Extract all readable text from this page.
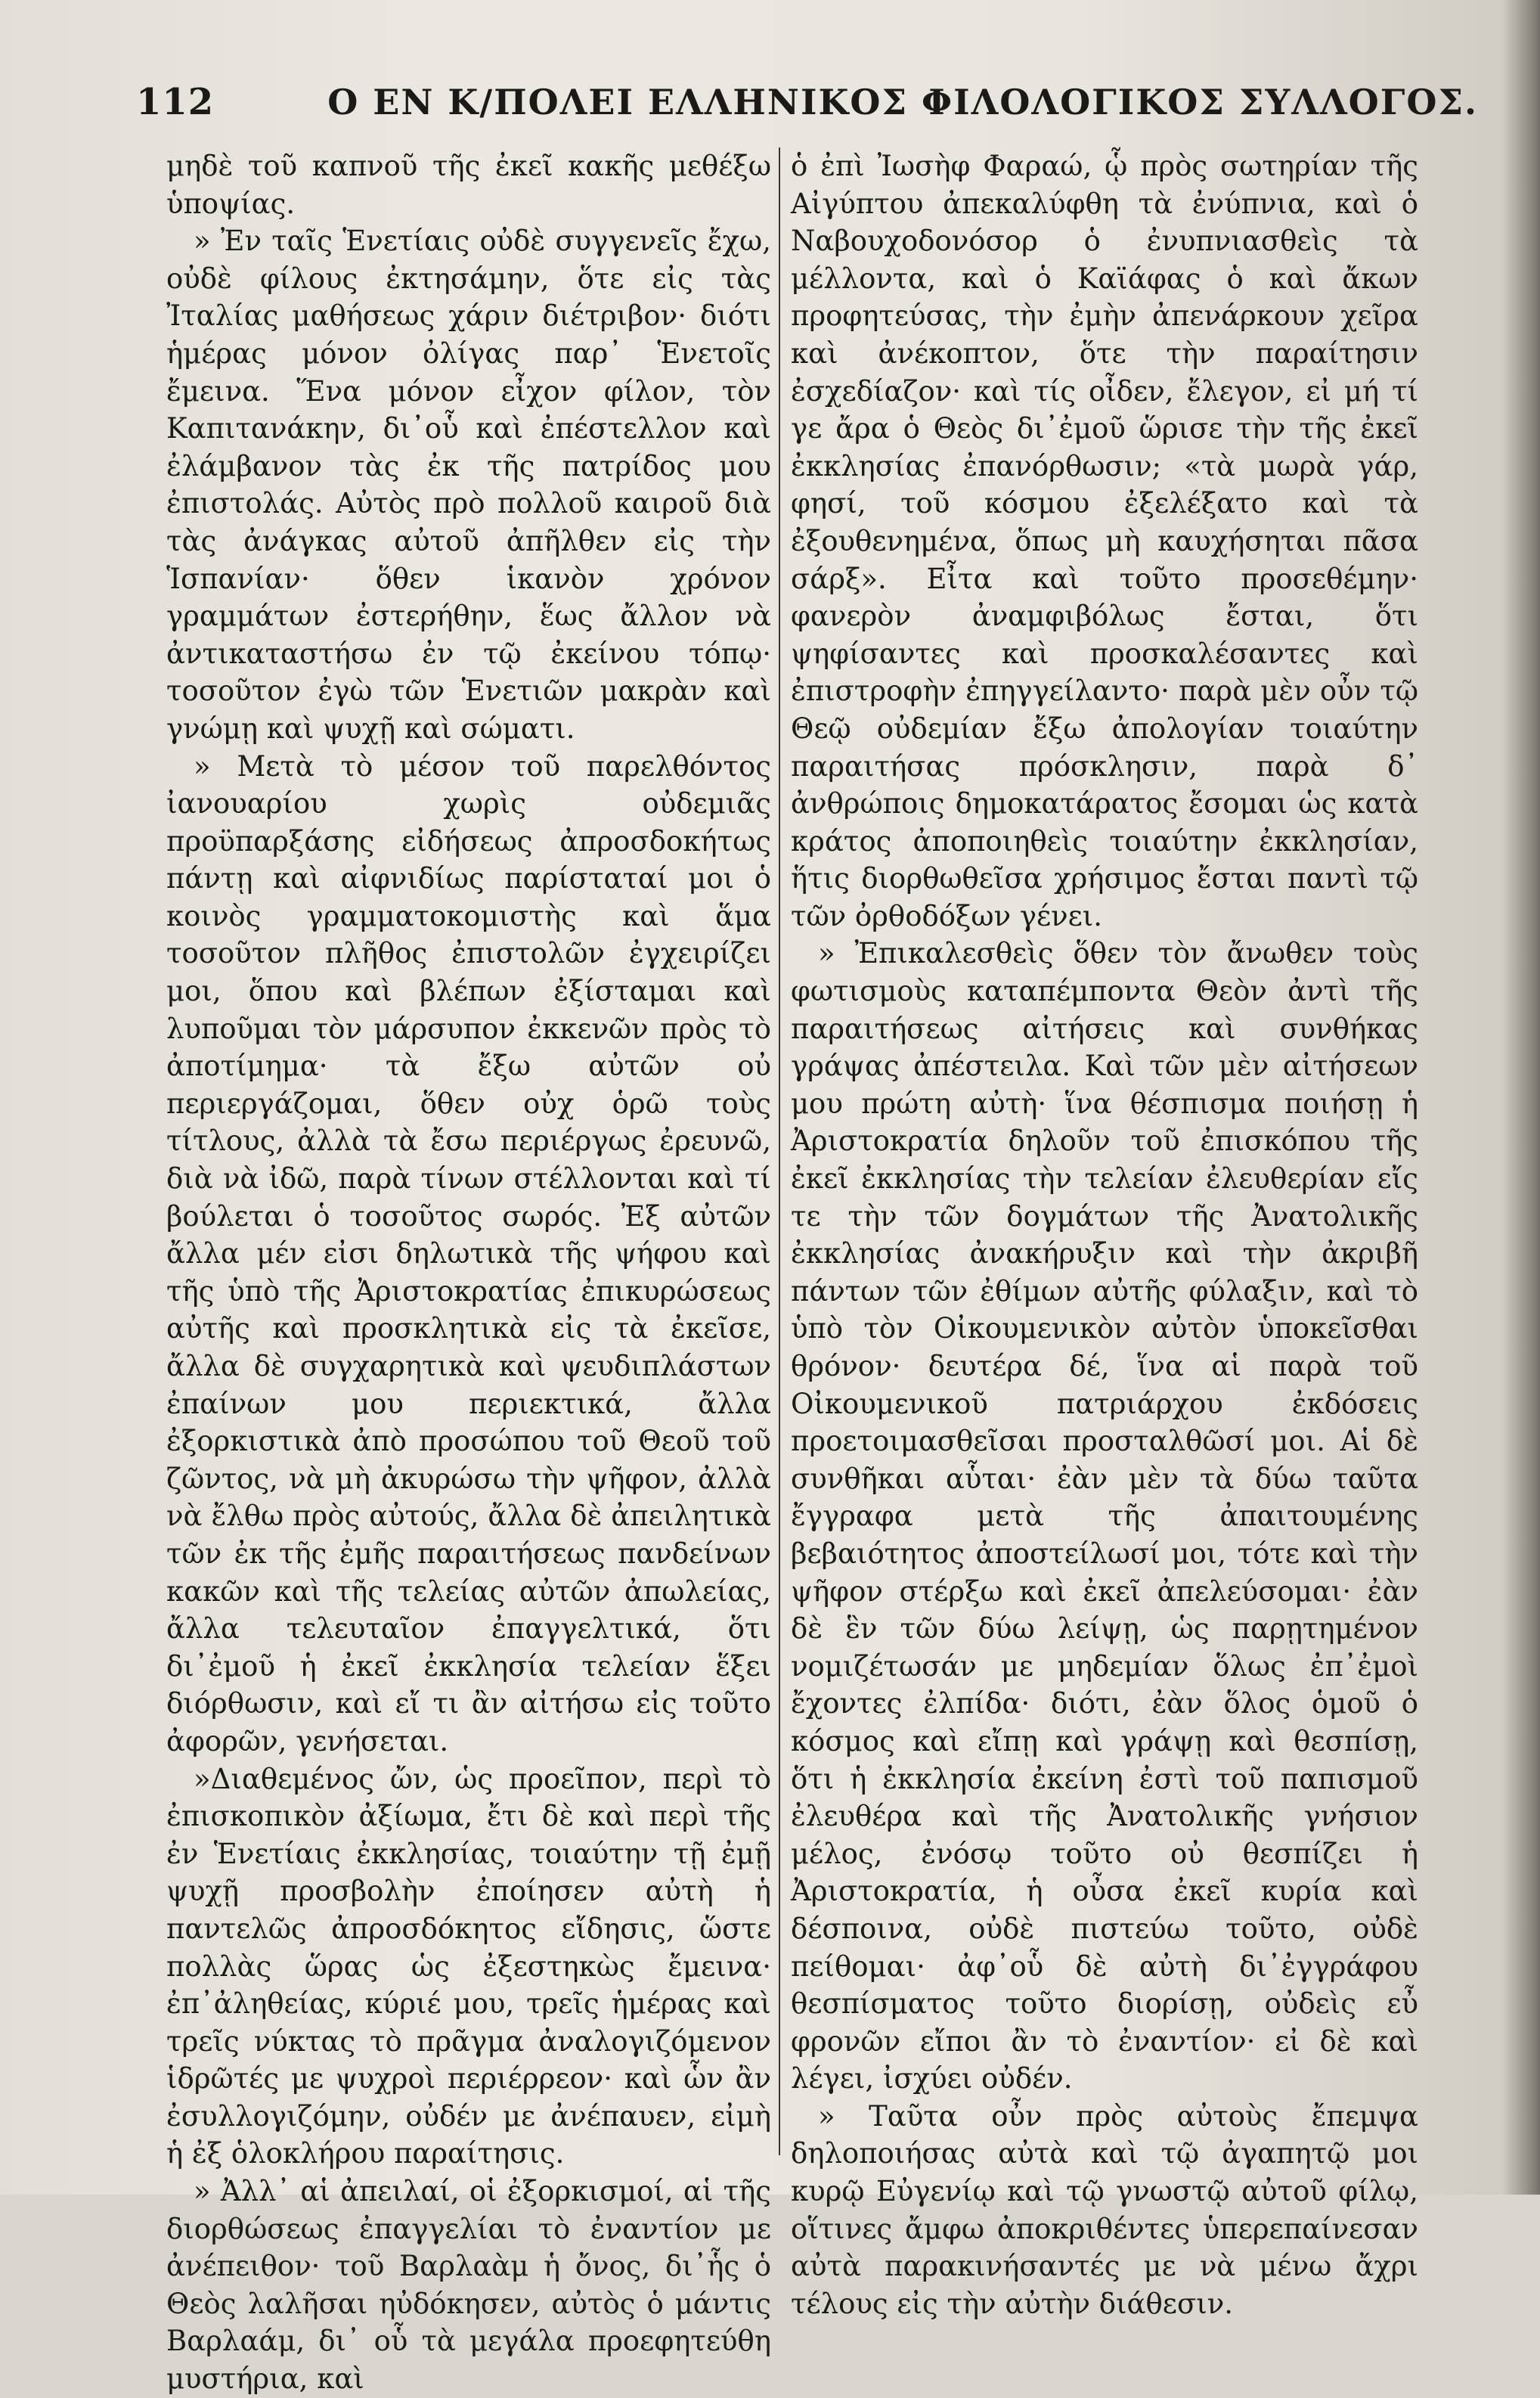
112	Ο ΕΝ Κ/ΠΟΛΕΙ ΕΛΛΗΝΙΚΟΣ ΦΙΛΟΛΟΓΙΚΟΣ ΣΥΛΛΟΓΟΣ.

μηδὲ τοῦ καπνοῦ τῆς ἐκεῖ κακῆς μεθέξω ὑποψίας.

» Ἐν ταῖς Ἑνετίαις οὐδὲ συγγενεῖς ἔχω, οὐδὲ φίλους ἐκτησάμην, ὅτε εἰς τὰς Ἰταλίας μαθήσεως χάριν διέτριβον· διότι ἡμέρας μόνον ὀλίγας παρ᾽ Ἑνετοῖς ἔμεινα. Ἕνα μόνον εἶχον φίλον, τὸν Καπιτανάκην, δι᾽οὗ καὶ ἐπέστελλον καὶ ἐλάμβανον τὰς ἐκ τῆς πατρίδος μου ἐπιστολάς. Αὐτὸς πρὸ πολλοῦ καιροῦ διὰ τὰς ἀνάγκας αὐτοῦ ἀπῆλθεν εἰς τὴν Ἱσπανίαν· ὅθεν ἱκανὸν χρόνον γραμμάτων ἐστερήθην, ἕως ἄλλον νὰ ἀντικαταστήσω ἐν τῷ ἐκείνου τόπῳ· τοσοῦτον ἐγὼ τῶν Ἑνετιῶν μακρὰν καὶ γνώμῃ καὶ ψυχῇ καὶ σώματι.

» Μετὰ τὸ μέσον τοῦ παρελθόντος ἰανουαρίου χωρὶς οὐδεμιᾶς προϋπαρξάσης εἰδήσεως ἀπροσδοκήτως πάντῃ καὶ αἰφνιδίως παρίσταταί μοι ὁ κοινὸς γραμματοκομιστὴς καὶ ἅμα τοσοῦτον πλῆθος ἐπιστολῶν ἐγχειρίζει μοι, ὅπου καὶ βλέπων ἐξίσταμαι καὶ λυποῦμαι τὸν μάρσυπον ἐκκενῶν πρὸς τὸ ἀποτίμημα· τὰ ἔξω αὐτῶν οὐ περιεργάζομαι, ὅθεν οὐχ ὁρῶ τοὺς τίτλους, ἀλλὰ τὰ ἔσω περιέργως ἐρευνῶ, διὰ νὰ ἰδῶ, παρὰ τίνων στέλλονται καὶ τί βούλεται ὁ τοσοῦτος σωρός. Ἐξ αὐτῶν ἄλλα μέν εἰσι δηλωτικὰ τῆς ψήφου καὶ τῆς ὑπὸ τῆς Ἀριστοκρατίας ἐπικυρώσεως αὐτῆς καὶ προσκλητικὰ εἰς τὰ ἐκεῖσε, ἄλλα δὲ συγχαρητικὰ καὶ ψευδιπλάστων ἐπαίνων μου περιεκτικά, ἄλλα ἐξορκιστικὰ ἀπὸ προσώπου τοῦ Θεοῦ τοῦ ζῶντος, νὰ μὴ ἀκυρώσω τὴν ψῆφον, ἀλλὰ νὰ ἔλθω πρὸς αὐτούς, ἄλλα δὲ ἀπειλητικὰ τῶν ἐκ τῆς ἐμῆς παραιτήσεως πανδείνων κακῶν καὶ τῆς τελείας αὐτῶν ἀπωλείας, ἄλλα τελευταῖον ἐπαγγελτικά, ὅτι δι᾽ἐμοῦ ἡ ἐκεῖ ἐκκλησία τελείαν ἕξει διόρθωσιν, καὶ εἴ τι ἂν αἰτήσω εἰς τοῦτο ἀφορῶν, γενήσεται.

»Διαθεμένος ὤν, ὡς προεῖπον, περὶ τὸ ἐπισκοπικὸν ἀξίωμα, ἔτι δὲ καὶ περὶ τῆς ἐν Ἑνετίαις ἐκκλησίας, τοιαύτην τῇ ἐμῇ ψυχῇ προσβολὴν ἐποίησεν αὐτὴ ἡ παντελῶς ἀπροσδόκητος εἴδησις, ὥστε πολλὰς ὥρας ὡς ἐξεστηκὼς ἔμεινα· ἐπ᾽ἀληθείας, κύριέ μου, τρεῖς ἡμέρας καὶ τρεῖς νύκτας τὸ πρᾶγμα ἀναλογιζόμενον ἱδρῶτές με ψυχροὶ περιέρρεον· καὶ ὧν ἂν ἐσυλλογιζόμην, οὐδέν με ἀνέπαυεν, εἰμὴ ἡ ἐξ ὁλοκλήρου παραίτησις.

» Ἀλλ᾽ αἱ ἀπειλαί, οἱ ἐξορκισμοί, αἱ τῆς διορθώσεως ἐπαγγελίαι τὸ ἐναντίον με ἀνέπειθον· τοῦ Βαρλαὰμ ἡ ὄνος, δι᾽ἧς ὁ Θεὸς λαλῆσαι ηὐδόκησεν, αὐτὸς ὁ μάντις Βαρλαάμ, δι᾽ οὗ τὰ μεγάλα προεφητεύθη μυστήρια, καὶ

ὁ ἐπὶ Ἰωσὴφ Φαραώ, ᾧ πρὸς σωτηρίαν τῆς Αἰγύπτου ἀπεκαλύφθη τὰ ἐνύπνια, καὶ ὁ Ναβουχοδονόσορ ὁ ἐνυπνιασθεὶς τὰ μέλλοντα, καὶ ὁ Καϊάφας ὁ καὶ ἄκων προφητεύσας, τὴν ἐμὴν ἀπενάρκουν χεῖρα καὶ ἀνέκοπτον, ὅτε τὴν παραίτησιν ἐσχεδίαζον· καὶ τίς οἶδεν, ἔλεγον, εἰ μή τί γε ἄρα ὁ Θεὸς δι᾽ἐμοῦ ὥρισε τὴν τῆς ἐκεῖ ἐκκλησίας ἐπανόρθωσιν; «τὰ μωρὰ γάρ, φησί, τοῦ κόσμου ἐξελέξατο καὶ τὰ ἐξουθενημένα, ὅπως μὴ καυχήσηται πᾶσα σάρξ». Εἶτα καὶ τοῦτο προσεθέμην· φανερὸν ἀναμφιβόλως ἔσται, ὅτι ψηφίσαντες καὶ προσκαλέσαντες καὶ ἐπιστροφὴν ἐπηγγείλαντο· παρὰ μὲν οὖν τῷ Θεῷ οὐδεμίαν ἔξω ἀπολογίαν τοιαύτην παραιτήσας πρόσκλησιν, παρὰ δ᾽ ἀνθρώποις δημοκατάρατος ἔσομαι ὡς κατὰ κράτος ἀποποιηθεὶς τοιαύτην ἐκκλησίαν, ἥτις διορθωθεῖσα χρήσιμος ἔσται παντὶ τῷ τῶν ὀρθοδόξων γένει.

» Ἐπικαλεσθεὶς ὅθεν τὸν ἄνωθεν τοὺς φωτισμοὺς καταπέμποντα Θεὸν ἀντὶ τῆς παραιτήσεως αἰτήσεις καὶ συνθήκας γράψας ἀπέστειλα. Καὶ τῶν μὲν αἰτήσεων μου πρώτη αὐτὴ· ἵνα θέσπισμα ποιήσῃ ἡ Ἀριστοκρατία δηλοῦν τοῦ ἐπισκόπου τῆς ἐκεῖ ἐκκλησίας τὴν τελείαν ἐλευθερίαν εἴς τε τὴν τῶν δογμάτων τῆς Ἀνατολικῆς ἐκκλησίας ἀνακήρυξιν καὶ τὴν ἀκριβῆ πάντων τῶν ἐθίμων αὐτῆς φύλαξιν, καὶ τὸ ὑπὸ τὸν Οἰκουμενικὸν αὐτὸν ὑποκεῖσθαι θρόνον· δευτέρα δέ, ἵνα αἱ παρὰ τοῦ Οἰκουμενικοῦ πατριάρχου ἐκδόσεις προετοιμασθεῖσαι προσταλθῶσί μοι. Αἱ δὲ συνθῆκαι αὗται· ἐὰν μὲν τὰ δύω ταῦτα ἔγγραφα μετὰ τῆς ἀπαιτουμένης βεβαιότητος ἀποστείλωσί μοι, τότε καὶ τὴν ψῆφον στέρξω καὶ ἐκεῖ ἀπελεύσομαι· ἐὰν δὲ ἓν τῶν δύω λείψῃ, ὡς παρῃτημένον νομιζέτωσάν με μηδεμίαν ὅλως ἐπ᾽ἐμοὶ ἔχοντες ἐλπίδα· διότι, ἐὰν ὅλος ὁμοῦ ὁ κόσμος καὶ εἴπῃ καὶ γράψῃ καὶ θεσπίσῃ, ὅτι ἡ ἐκκλησία ἐκείνη ἐστὶ τοῦ παπισμοῦ ἐλευθέρα καὶ τῆς Ἀνατολικῆς γνήσιον μέλος, ἐνόσῳ τοῦτο οὐ θεσπίζει ἡ Ἀριστοκρατία, ἡ οὖσα ἐκεῖ κυρία καὶ δέσποινα, οὐδὲ πιστεύω τοῦτο, οὐδὲ πείθομαι· ἀφ᾽οὗ δὲ αὐτὴ δι᾽ἐγγράφου θεσπίσματος τοῦτο διορίσῃ, οὐδεὶς εὖ φρονῶν εἴποι ἂν τὸ ἐναντίον· εἰ δὲ καὶ λέγει, ἰσχύει οὐδέν.

» Ταῦτα οὖν πρὸς αὐτοὺς ἔπεμψα δηλοποιήσας αὐτὰ καὶ τῷ ἀγαπητῷ μοι κυρῷ Εὐγενίῳ καὶ τῷ γνωστῷ αὐτοῦ φίλῳ, οἵτινες ἄμφω ἀποκριθέντες ὑπερεπαίνεσαν αὐτὰ παρακινήσαντές με νὰ μένω ἄχρι τέλους εἰς τὴν αὐτὴν διάθεσιν.
